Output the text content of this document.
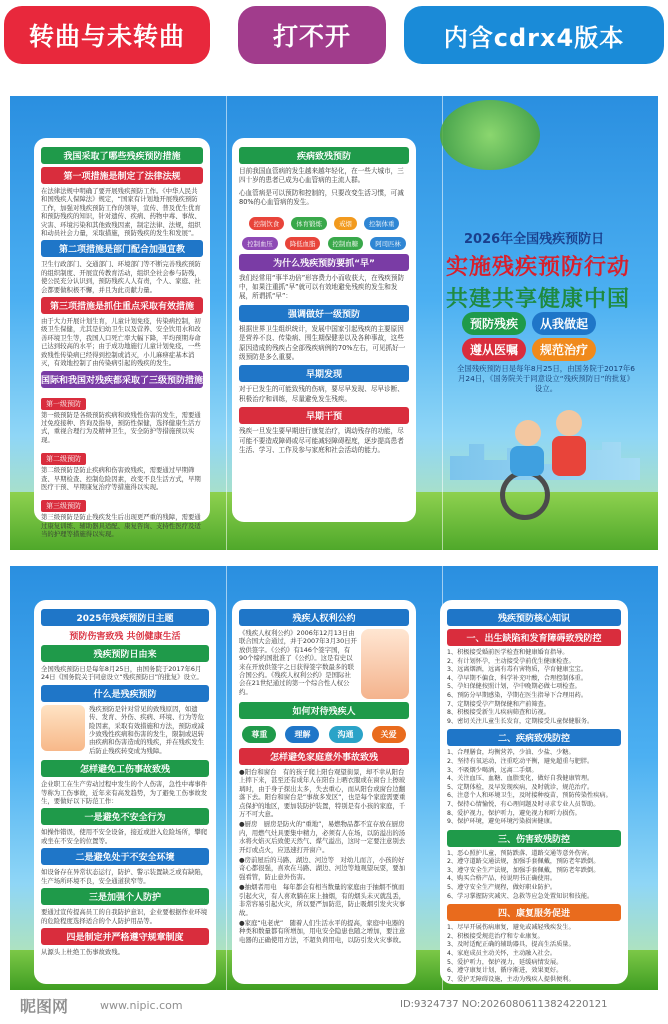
转曲与未转曲	打不开	内含cdrx4版本
我国采取了哪些残疾预防措施
第一项措施是制定了法律法规
在法律法规中明确了要开展残疾预防工作。《中华人民共和国残疾人保障法》规定，“国家有计划地开展残疾预防工作，加强对残疾预防工作的领导，宣传、普及优生优育和预防残疾的知识，针对遗传、疾病、药物中毒、事故、灾害、环境污染和其他致残因素，制定法律、法规，组织和动员社会力量，采取措施，预防残疾的发生和发展”。
第二项措施是部门配合加强宣教
卫生行政部门、交通部门、环境部门等不断完善残疾预防的组织制度、开展宣传教育活动，组织全社会参与防残，使公民充分认识到，预防残疾人人有责，个人、家庭、社会都要做积极不懈，并且为此贡献力量。
第三项措施是抓住重点采取有效措施
由于大力开展计划生育，儿童计划免疫，传染病控制，初级卫生保健，尤其是妇幼卫生以及营养、安全饮用水和改善环境卫生等，我国人口死亡率大幅下降，平均预期寿命已达到较高的水平；由于成功地施行儿童计划免疫，一些致残性传染病已经得到控制或消灭，小儿麻痹症基本消灭，有效地控制了由传染病引起的残疾的发生。
国际和我国对残疾都采取了三级预防措施
第一级预防
第一级预防是各级预防疾病和致残性伤害的发生，需要通过免疫接种、咨询及指导，预防性保健，选择健康生活方式，重视合理行为及精神卫生，安全防护等措施预以实现。
第二级预防
第二级预防是防止疾病和伤害致残疾，需要通过早期筛查、早期检查、控制危险因素，改变不良生活方式，早期医疗干预、早期康复治疗等措施得以实现。
第三级预防
第三级预防是防止残疾发生后出现更严重的残障，需要通过康复训练、辅助器具适配、康复咨询、支持性医疗及适当的护理等措施得以实现。
疾病致残预防
目前我国血管病的发生越来越年轻化，在一些大城市，三四十岁的患者已成为心血管病的主流人群。
心血管病是可以预防和控制的，只要改变生活习惯，可减80%的心血管病的发生。
控制饮食	体育锻炼	戒烟	控制体重 控制血压	降低血脂	控制血糖	阿司匹林
为什么残疾预防要抓“早”
我们经常用“事半功倍”形容费力小而收获大，在残疾预防中，如果注重抓“早”就可以有效地避免残疾的发生和发展，所谓抓“早”：
强调做好一级预防
根据世界卫生组织统计，发展中国家引起残疾的主要原因是营养不良、传染病、围生期保健差以及各种事故，这些原因造成的残疾占全部残疾病例的70%左右，可见抓好一级预防是多么重要。
早期发现
对于已发生的可能致残的伤病，要尽早发现、尽早诊断、积极治疗和训练，尽量避免发生残疾。
早期干预
残疾一旦发生要早期进行康复治疗，调动残存的功能，尽可能不要造成障碍或尽可能减轻障碍程度，逐步提高患者生活、学习、工作及参与家庭和社会活动的能力。
2026年全国残疾预防日
实施残疾预防行动
共建共享健康中国
预防残疾	从我做起
全国残疾预防日是每年8月25日，由国务院于2017年6月24日，《国务院关于同意设立“残疾预防日”的批复》设立。
遵从医嘱	规范治疗
2025年残疾预防日主题
预防伤害致残 共创健康生活
残疾预防日由来
全国残疾预防日是每年8月25日，由国务院于2017年6月24日《国务院关于同意设立“残疾预防日”的批复》设立。
什么是残疾预防
残疾预防是针对常见的致残原因，如遗传、发育、外伤、疾病、环境、行为等危险因素，采取有效措施和方法，预防或减少致残性疾病和伤害的发生，限制或迟转由疾病和伤害造成的残疾，并在残疾发生后防止残疾转变成为残障。
怎样避免工伤事故致残
企业职工在生产劳动过程中发生的个人伤害，急性中毒事件等称为工伤事故，近年来有高发趋势，为了避免工伤事故发生，要做好以下防范工作：
一是避免不安全行为
如操作错误，使用不安全设备，接近或进入危险场所，攀爬或坐在不安全的位置等。
二是避免处于不安全环境
如设备存在异常状态运行，防护、警示装置缺乏或有缺陷，生产场所环境不良，安全通道狭窄等。
三是加强个人防护
要通过宣传提高员工的自我防护意识，企业要根据作业环境的危险程度选择适合的个人防护用品等。
四是制定并严格遵守规章制度
从源头上杜绝工伤事故致残。
残疾人权利公约
《残疾人权利公约》2006年12月13日由联合国大会通过，并于2007年3月30日开放供签字。《公约》有146个签字国，有90个缔约国批准了《公约》。这是有史以来在开放供签字之日获得签字数最多的联合国公约。《残疾人权利公约》是国际社会在21世纪通过的第一个综合性人权公约。
如何对待残疾人
尊重	理解	沟通	关爱
怎样避免家庭意外事故致残
●阳台和窗台　有的孩子爬上阳台观望街景，却不幸从阳台上摔下来，甚至还有成年人在阳台上晒衣服或在窗台上擦玻璃时，由于身子探出太多，失去重心，而从阳台或窗台边翻落下去。阳台和窗台是“事故多发区”，也是每个家庭需要重点保护的地区，要加装防护装置，特别是有小孩的家庭，千万不可大意。
●厨房　厨房是防火的“重地”，易燃物品都不宜存放在厨房内，用燃气灶具要集中精力，必须有人在场，以防溢出的汤水将火焰灭后致使天然气、煤气溢出，这时一定要注意别去开灯或点火，应迅速打开窗户。
●房前屋后的马路、湖边、河边等　对幼儿而言，小孩的好奇心都很强，喜欢在马路、湖边、河边等地观望玩耍，要加强看管，防止意外伤害。
●抽烟者用电　每年都会有相当数量的家庭由于抽烟不慎而引起火灾，有人喜欢躺在床上抽烟，有的烟头未灭就乱丢，非常容易引起火灾，所以要严加防范，防止吸烟引发火灾事故。
●家庭“电老虎”　随着人们生活水平的提高，家庭中电器的种类和数量都有所增加，用电安全隐患也随之增加，要注意电器的正确使用方法，不超负荷用电，以防引发火灾事故。
残疾预防核心知识
一、出生缺陷和发育障碍致残防控
1、积极接受婚前医学检查和健康婚育指导。
2、有计划怀孕，主动接受孕前优生健康检查。
3、远离烟酒，远离有毒有害物质，孕育健康宝宝。
4、孕早期不偏食，科学补充叶酸，合理控制体重。
5、孕妇保健按照计划，孕中晚期必做七项检查。
6、预防分早期感染，孕期在医生指导下合理用药。
7、定期接受孕产期保健和产前筛查。
8、积极接受新生儿疾病筛查和访视。
9、密切关注儿童生长发育，定期接受儿童保健服务。
二、疾病致残防控
1、合理膳食，均衡营养，少油、少盐、少糖。
2、坚持有氧运动，注重吃动平衡，避免超重与肥胖。
3、不吸烟少喝酒，远离二手烟。
4、关注血压、血糖、血脂变化，做好自我健康管理。
5、定期体检，及早发现疾病，及时就诊，规范治疗。
6、注意个人和环境卫生，及时接种疫苗，预防传染性疾病。
7、保持心情愉悦，有心理问题及时寻求专业人员帮助。
8、爱护视力，保护听力，避免视力和听力损伤。
9、保护环境，避免环境污染损害健康。
三、伤害致残防控
1、恶心照护儿童，预防跌落、道路交通等意外伤害。
2、遵守道路交通法规，加强手套佩戴，预防老年跌倒。
3、遵守安全生产法规，加强手套佩戴，预防老年跌倒。
4、购买合格产品，按说明书正确使用。
5、遵守安全生产规程，做好职业防护。
6、学习掌握防灾减灾、急救等应急处置知识和技能。
四、康复服务促进
1、尽早开展伤病康复，避免或减轻残疾发生。
2、积极接受规范治疗和专业康复。
3、及时适配正确的辅助器具，提高生活质量。
4、家庭成员主动关怀，主动融入社会。
5、爱护听力，保护视力，延缓病情发展。
6、遵守康复计划，循序渐进，效果更好。
7、爱护无障碍设施，主动为残疾人提供便利。
昵图网	www.nipic.com	ID:9324737 NO:20260806113824220121
